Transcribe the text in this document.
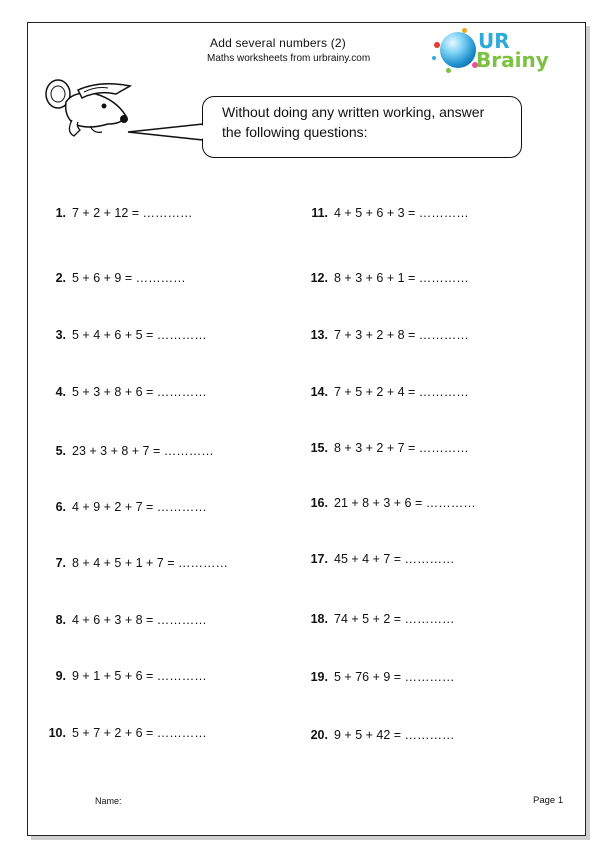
Add several numbers (2)
Maths worksheets from urbrainy.com
UR
Brainy
Without doing any written working, answer
the following questions:
1. 7 + 2 + 12 = …………
2. 5 + 6 + 9 = …………
3. 5 + 4 + 6 + 5 = …………
4. 5 + 3 + 8 + 6 = …………
5. 23 + 3 + 8 + 7 = …………
6. 4 + 9 + 2 + 7 = …………
7. 8 + 4 + 5 + 1 + 7 = …………
8. 4 + 6 + 3 + 8 = …………
9. 9 + 1 + 5 + 6 = …………
10. 5 + 7 + 2 + 6 = …………
11. 4 + 5 + 6 + 3 = …………
12. 8 + 3 + 6 + 1 = …………
13. 7 + 3 + 2 + 8 = …………
14. 7 + 5 + 2 + 4 = …………
15. 8 + 3 + 2 + 7 = …………
16. 21 + 8 + 3 + 6 = …………
17. 45 + 4 + 7 = …………
18. 74 + 5 + 2 = …………
19. 5 + 76 + 9 = …………
20. 9 + 5 + 42 = …………
Name:	Page 1
